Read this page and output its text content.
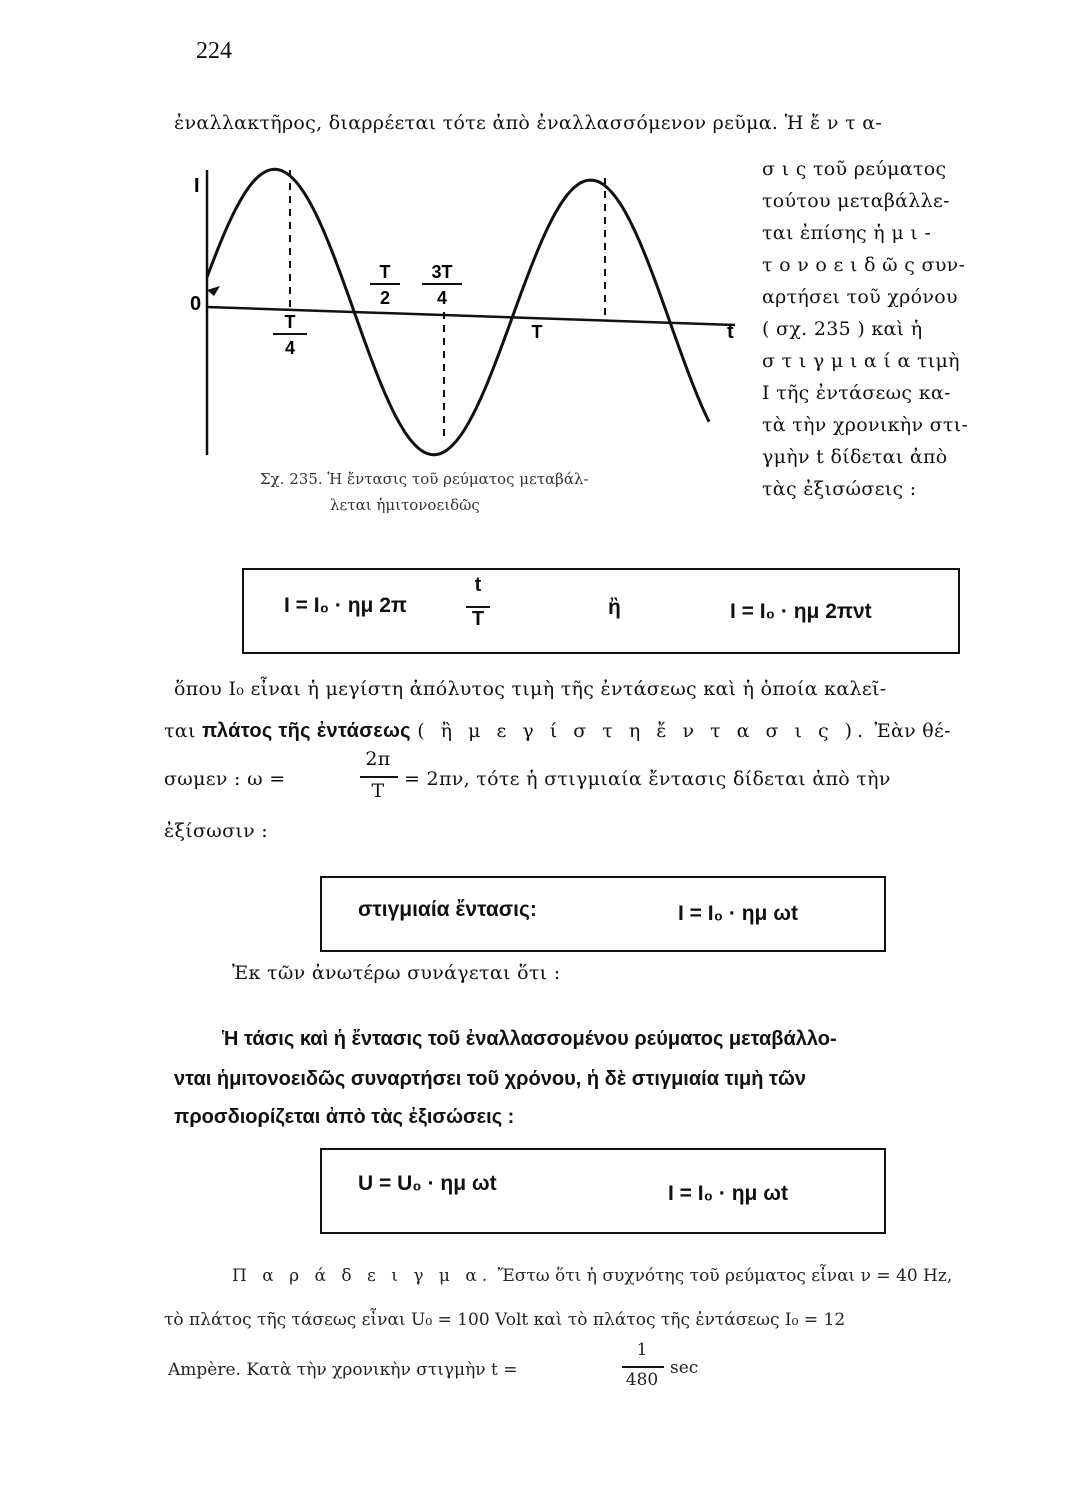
224
ἐναλλακτῆρος, διαρρέεται τότε ἀπὸ ἐναλλασσόμενον ρεῦμα. Ἡ ἔ ν τ α-
σ ι ς τοῦ ρεύματος
τούτου μεταβάλλε-
ται ἐπίσης ἡ μ ι -
τ ο ν ο ε ι δ ῶ ς συν-
αρτήσει τοῦ χρόνου
( σχ. 235 ) καὶ ἡ
σ τ ι γ μ ι α ί α τιμὴ
I τῆς ἐντάσεως κα-
τὰ τὴν χρονικὴν στι-
γμὴν t δίδεται ἀπὸ
τὰς ἐξισώσεις :
I
0
t
T
4
T
2
3T
4
T
Σχ. 235. Ἡ ἔντασις τοῦ ρεύματος μεταβάλ-
λεται ἡμιτονοειδῶς
I = I₀ · ημ 2π
t
T	ἢ	I = I₀ · ημ 2πνt
ὅπου I₀ εἶναι ἡ μεγίστη ἀπόλυτος τιμὴ τῆς ἐντάσεως καὶ ἡ ὁποία καλεῖ-
ται πλάτος τῆς ἐντάσεως ( ἢ μ ε γ ί σ τ η ἔ ν τ α σ ι ς ). Ἐὰν θέ-
σωμεν : ω =
2π
T
= 2πν, τότε ἡ στιγμιαία ἔντασις δίδεται ἀπὸ τὴν
ἐξίσωσιν :
στιγμιαία ἔντασις:	I = I₀ · ημ ωt
Ἐκ τῶν ἀνωτέρω συνάγεται ὅτι :
Ἡ τάσις καὶ ἡ ἔντασις τοῦ ἐναλλασσομένου ρεύματος μεταβάλλο-
νται ἡμιτονοειδῶς συναρτήσει τοῦ χρόνου, ἡ δὲ στιγμιαία τιμὴ τῶν
προσδιορίζεται ἀπὸ τὰς ἐξισώσεις :
U = U₀ · ημ ωt	I = I₀ · ημ ωt
Π α ρ ά δ ε ι γ μ α. Ἔστω ὅτι ἡ συχνότης τοῦ ρεύματος εἶναι ν = 40 Hz,
τὸ πλάτος τῆς τάσεως εἶναι U₀ = 100 Volt καὶ τὸ πλάτος τῆς ἐντάσεως I₀ = 12
Ampère. Κατὰ τὴν χρονικὴν στιγμὴν t =
1
480
sec
